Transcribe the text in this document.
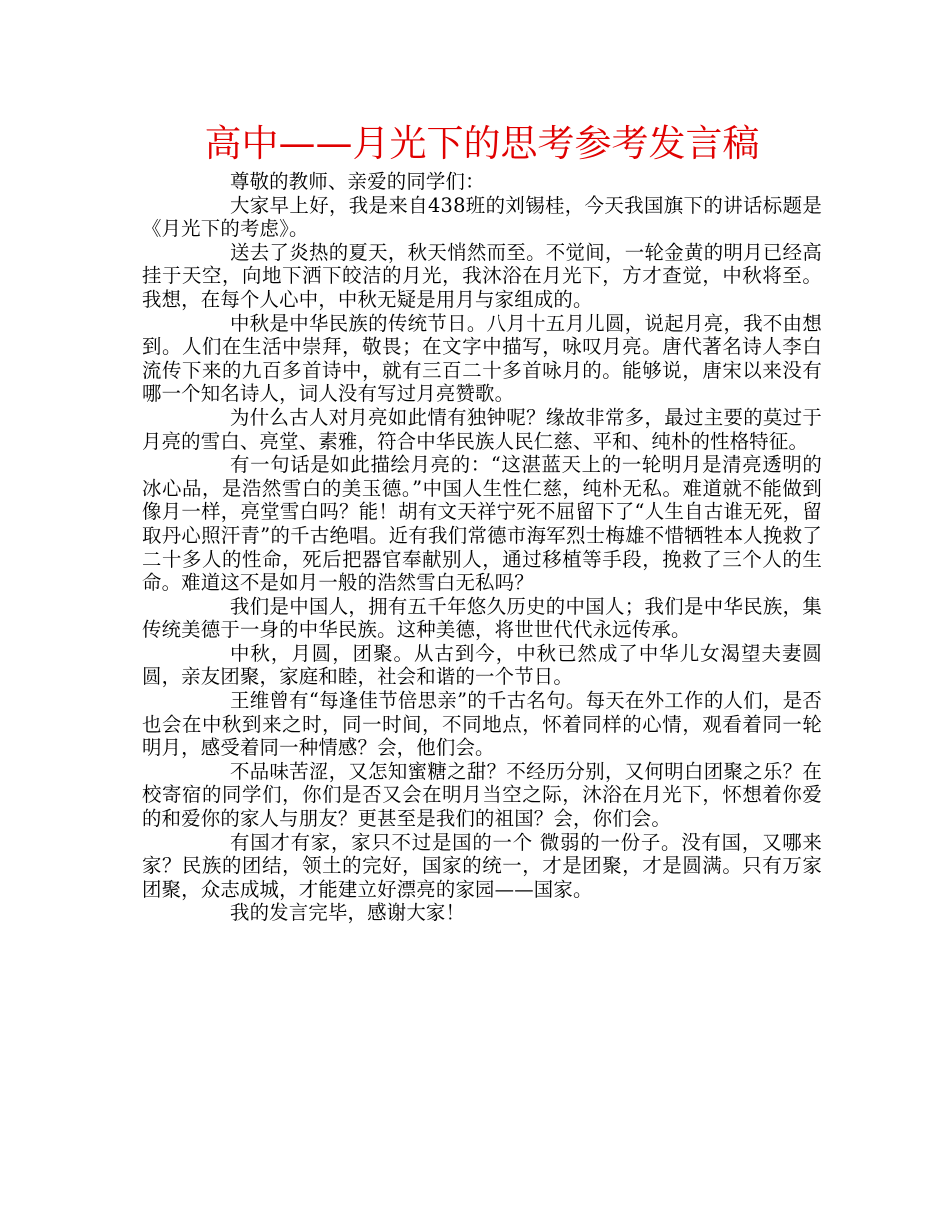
高中——月光下的思考参考发言稿

尊敬的教师、亲爱的同学们：

大家早上好，我是来自438班的刘锡桂，今天我国旗下的讲话标题是《月光下的考虑》。

送去了炎热的夏天，秋天悄然而至。不觉间，一轮金黄的明月已经高挂于天空，向地下洒下皎洁的月光，我沐浴在月光下，方才查觉，中秋将至。我想，在每个人心中，中秋无疑是用月与家组成的。

中秋是中华民族的传统节日。八月十五月儿圆，说起月亮，我不由想到。人们在生活中崇拜，敬畏；在文字中描写，咏叹月亮。唐代著名诗人李白流传下来的九百多首诗中，就有三百二十多首咏月的。能够说，唐宋以来没有哪一个知名诗人，词人没有写过月亮赞歌。

为什么古人对月亮如此情有独钟呢？缘故非常多，最过主要的莫过于月亮的雪白、亮堂、素雅，符合中华民族人民仁慈、平和、纯朴的性格特征。

有一句话是如此描绘月亮的：“这湛蓝天上的一轮明月是清亮透明的冰心品，是浩然雪白的美玉德。”中国人生性仁慈，纯朴无私。难道就不能做到像月一样，亮堂雪白吗？能！胡有文天祥宁死不屈留下了“人生自古谁无死，留取丹心照汗青”的千古绝唱。近有我们常德市海军烈士梅雄不惜牺牲本人挽救了二十多人的性命，死后把器官奉献别人，通过移植等手段，挽救了三个人的生命。难道这不是如月一般的浩然雪白无私吗？

我们是中国人，拥有五千年悠久历史的中国人；我们是中华民族，集传统美德于一身的中华民族。这种美德，将世世代代永远传承。

中秋，月圆，团聚。从古到今，中秋已然成了中华儿女渴望夫妻圆圆，亲友团聚，家庭和睦，社会和谐的一个节日。

王维曾有“每逢佳节倍思亲”的千古名句。每天在外工作的人们，是否也会在中秋到来之时，同一时间，不同地点，怀着同样的心情，观看着同一轮明月，感受着同一种情感？会，他们会。

不品味苦涩，又怎知蜜糖之甜？不经历分别，又何明白团聚之乐？在校寄宿的同学们，你们是否又会在明月当空之际，沐浴在月光下，怀想着你爱的和爱你的家人与朋友？更甚至是我们的祖国？会，你们会。

有国才有家，家只不过是国的一个 微弱的一份子。没有国，又哪来家？民族的团结，领土的完好，国家的统一，才是团聚，才是圆满。只有万家团聚，众志成城，才能建立好漂亮的家园——国家。

我的发言完毕，感谢大家！
